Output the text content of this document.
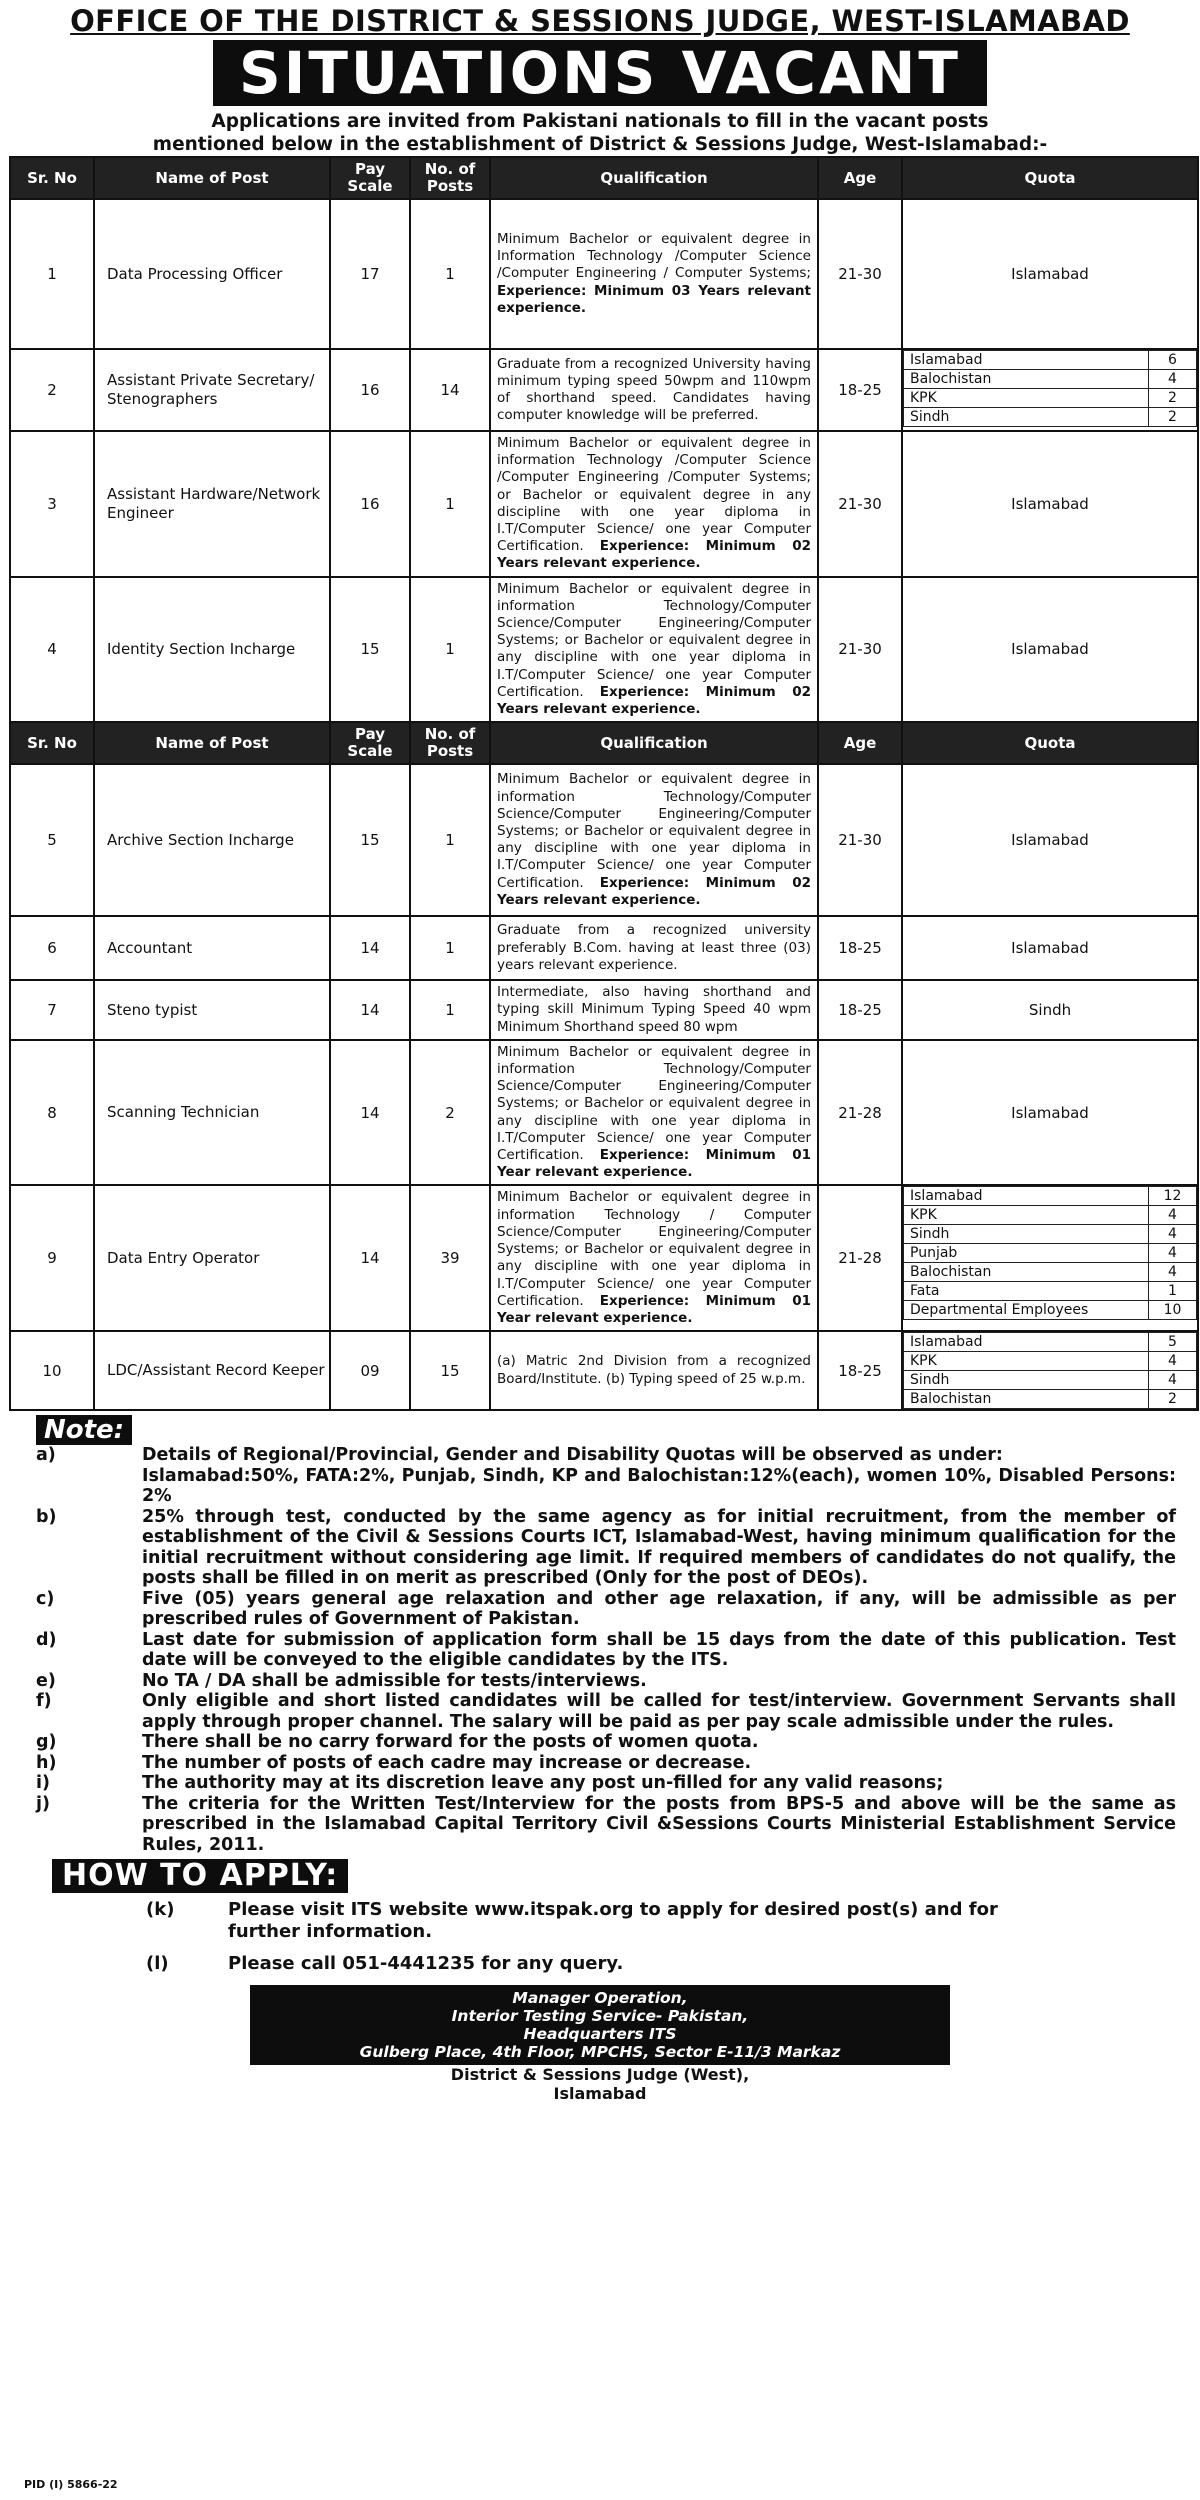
OFFICE OF THE DISTRICT & SESSIONS JUDGE, WEST-ISLAMABAD
SITUATIONS VACANT
Applications are invited from Pakistani nationals to fill in the vacant posts
mentioned below in the establishment of District & Sessions Judge, West-Islamabad:-
Sr. No	Name of Post	Pay Scale	No. of Posts	Qualification	Age	Quota
1	Data Processing Officer	17	1	Minimum Bachelor or equivalent degree in Information Technology /Computer Science /Computer Engineering / Computer Systems; Experience: Minimum 03 Years relevant experience.	21-30	Islamabad

2	Assistant Private Secretary/ Stenographers	16	14	Graduate from a recognized University having minimum typing speed 50wpm and 110wpm of shorthand speed. Candidates having computer knowledge will be preferred.	18-25	
Islamabad	6
Balochistan	4
KPK	2
Sindh	2

3	Assistant Hardware/Network Engineer	16	1	Minimum Bachelor or equivalent degree in information Technology /Computer Science /Computer Engineering /Computer Systems; or Bachelor or equivalent degree in any discipline with one year diploma in I.T/Computer Science/ one year Computer Certification. Experience: Minimum 02 Years relevant experience.	21-30	Islamabad

4	Identity Section Incharge	15	1	Minimum Bachelor or equivalent degree in information Technology/Computer Science/Computer Engineering/Computer Systems; or Bachelor or equivalent degree in any discipline with one year diploma in I.T/Computer Science/ one year Computer Certification. Experience: Minimum 02 Years relevant experience.	21-30	Islamabad

Sr. No	Name of Post	Pay Scale	No. of Posts	Qualification	Age	Quota
5	Archive Section Incharge	15	1	Minimum Bachelor or equivalent degree in information Technology/Computer Science/Computer Engineering/Computer Systems; or Bachelor or equivalent degree in any discipline with one year diploma in I.T/Computer Science/ one year Computer Certification. Experience: Minimum 02 Years relevant experience.	21-30	Islamabad

6	Accountant	14	1	Graduate from a recognized university preferably B.Com. having at least three (03) years relevant experience.	18-25	Islamabad

7	Steno typist	14	1	Intermediate, also having shorthand and typing skill Minimum Typing Speed 40 wpm Minimum Shorthand speed 80 wpm	18-25	Sindh

8	Scanning Technician	14	2	Minimum Bachelor or equivalent degree in information Technology/Computer Science/Computer Engineering/Computer Systems; or Bachelor or equivalent degree in any discipline with one year diploma in I.T/Computer Science/ one year Computer Certification. Experience: Minimum 01 Year relevant experience.	21-28	Islamabad

9	Data Entry Operator	14	39	Minimum Bachelor or equivalent degree in information Technology / Computer Science/Computer Engineering/Computer Systems; or Bachelor or equivalent degree in any discipline with one year diploma in I.T/Computer Science/ one year Computer Certification. Experience: Minimum 01 Year relevant experience.	21-28	
Islamabad	12
KPK	4
Sindh	4
Punjab	4
Balochistan	4
Fata	1
Departmental Employees	10

10	LDC/Assistant Record Keeper	09	15	(a) Matric 2nd Division from a recognized Board/Institute. (b) Typing speed of 25 w.p.m.	18-25	
Islamabad	5
KPK	4
Sindh	4
Balochistan	2
Note:
a)	Details of Regional/Provincial, Gender and Disability Quotas will be observed as under:
Islamabad:50%, FATA:2%, Punjab, Sindh, KP and Balochistan:12%(each), women 10%, Disabled Persons: 2%
b)	25% through test, conducted by the same agency as for initial recruitment, from the member of establishment of the Civil & Sessions Courts ICT, Islamabad-West, having minimum qualification for the initial recruitment without considering age limit. If required members of candidates do not qualify, the posts shall be filled in on merit as prescribed (Only for the post of DEOs).
c)	Five (05) years general age relaxation and other age relaxation, if any, will be admissible as per prescribed rules of Government of Pakistan.
d)	Last date for submission of application form shall be 15 days from the date of this publication. Test date will be conveyed to the eligible candidates by the ITS.
e)	No TA / DA shall be admissible for tests/interviews.
f)	Only eligible and short listed candidates will be called for test/interview. Government Servants shall apply through proper channel. The salary will be paid as per pay scale admissible under the rules.
g)	There shall be no carry forward for the posts of women quota.
h)	The number of posts of each cadre may increase or decrease.
i)	The authority may at its discretion leave any post un-filled for any valid reasons;
j)	The criteria for the Written Test/Interview for the posts from BPS-5 and above will be the same as prescribed in the Islamabad Capital Territory Civil &Sessions Courts Ministerial Establishment Service Rules, 2011.
HOW TO APPLY:
(k)	Please visit ITS website www.itspak.org to apply for desired post(s) and for further information.
(l)	Please call 051-4441235 for any query.
Manager Operation,
Interior Testing Service- Pakistan,
Headquarters ITS
Gulberg Place, 4th Floor, MPCHS, Sector E-11/3 Markaz
District & Sessions Judge (West),
Islamabad
PID (I) 5866-22
